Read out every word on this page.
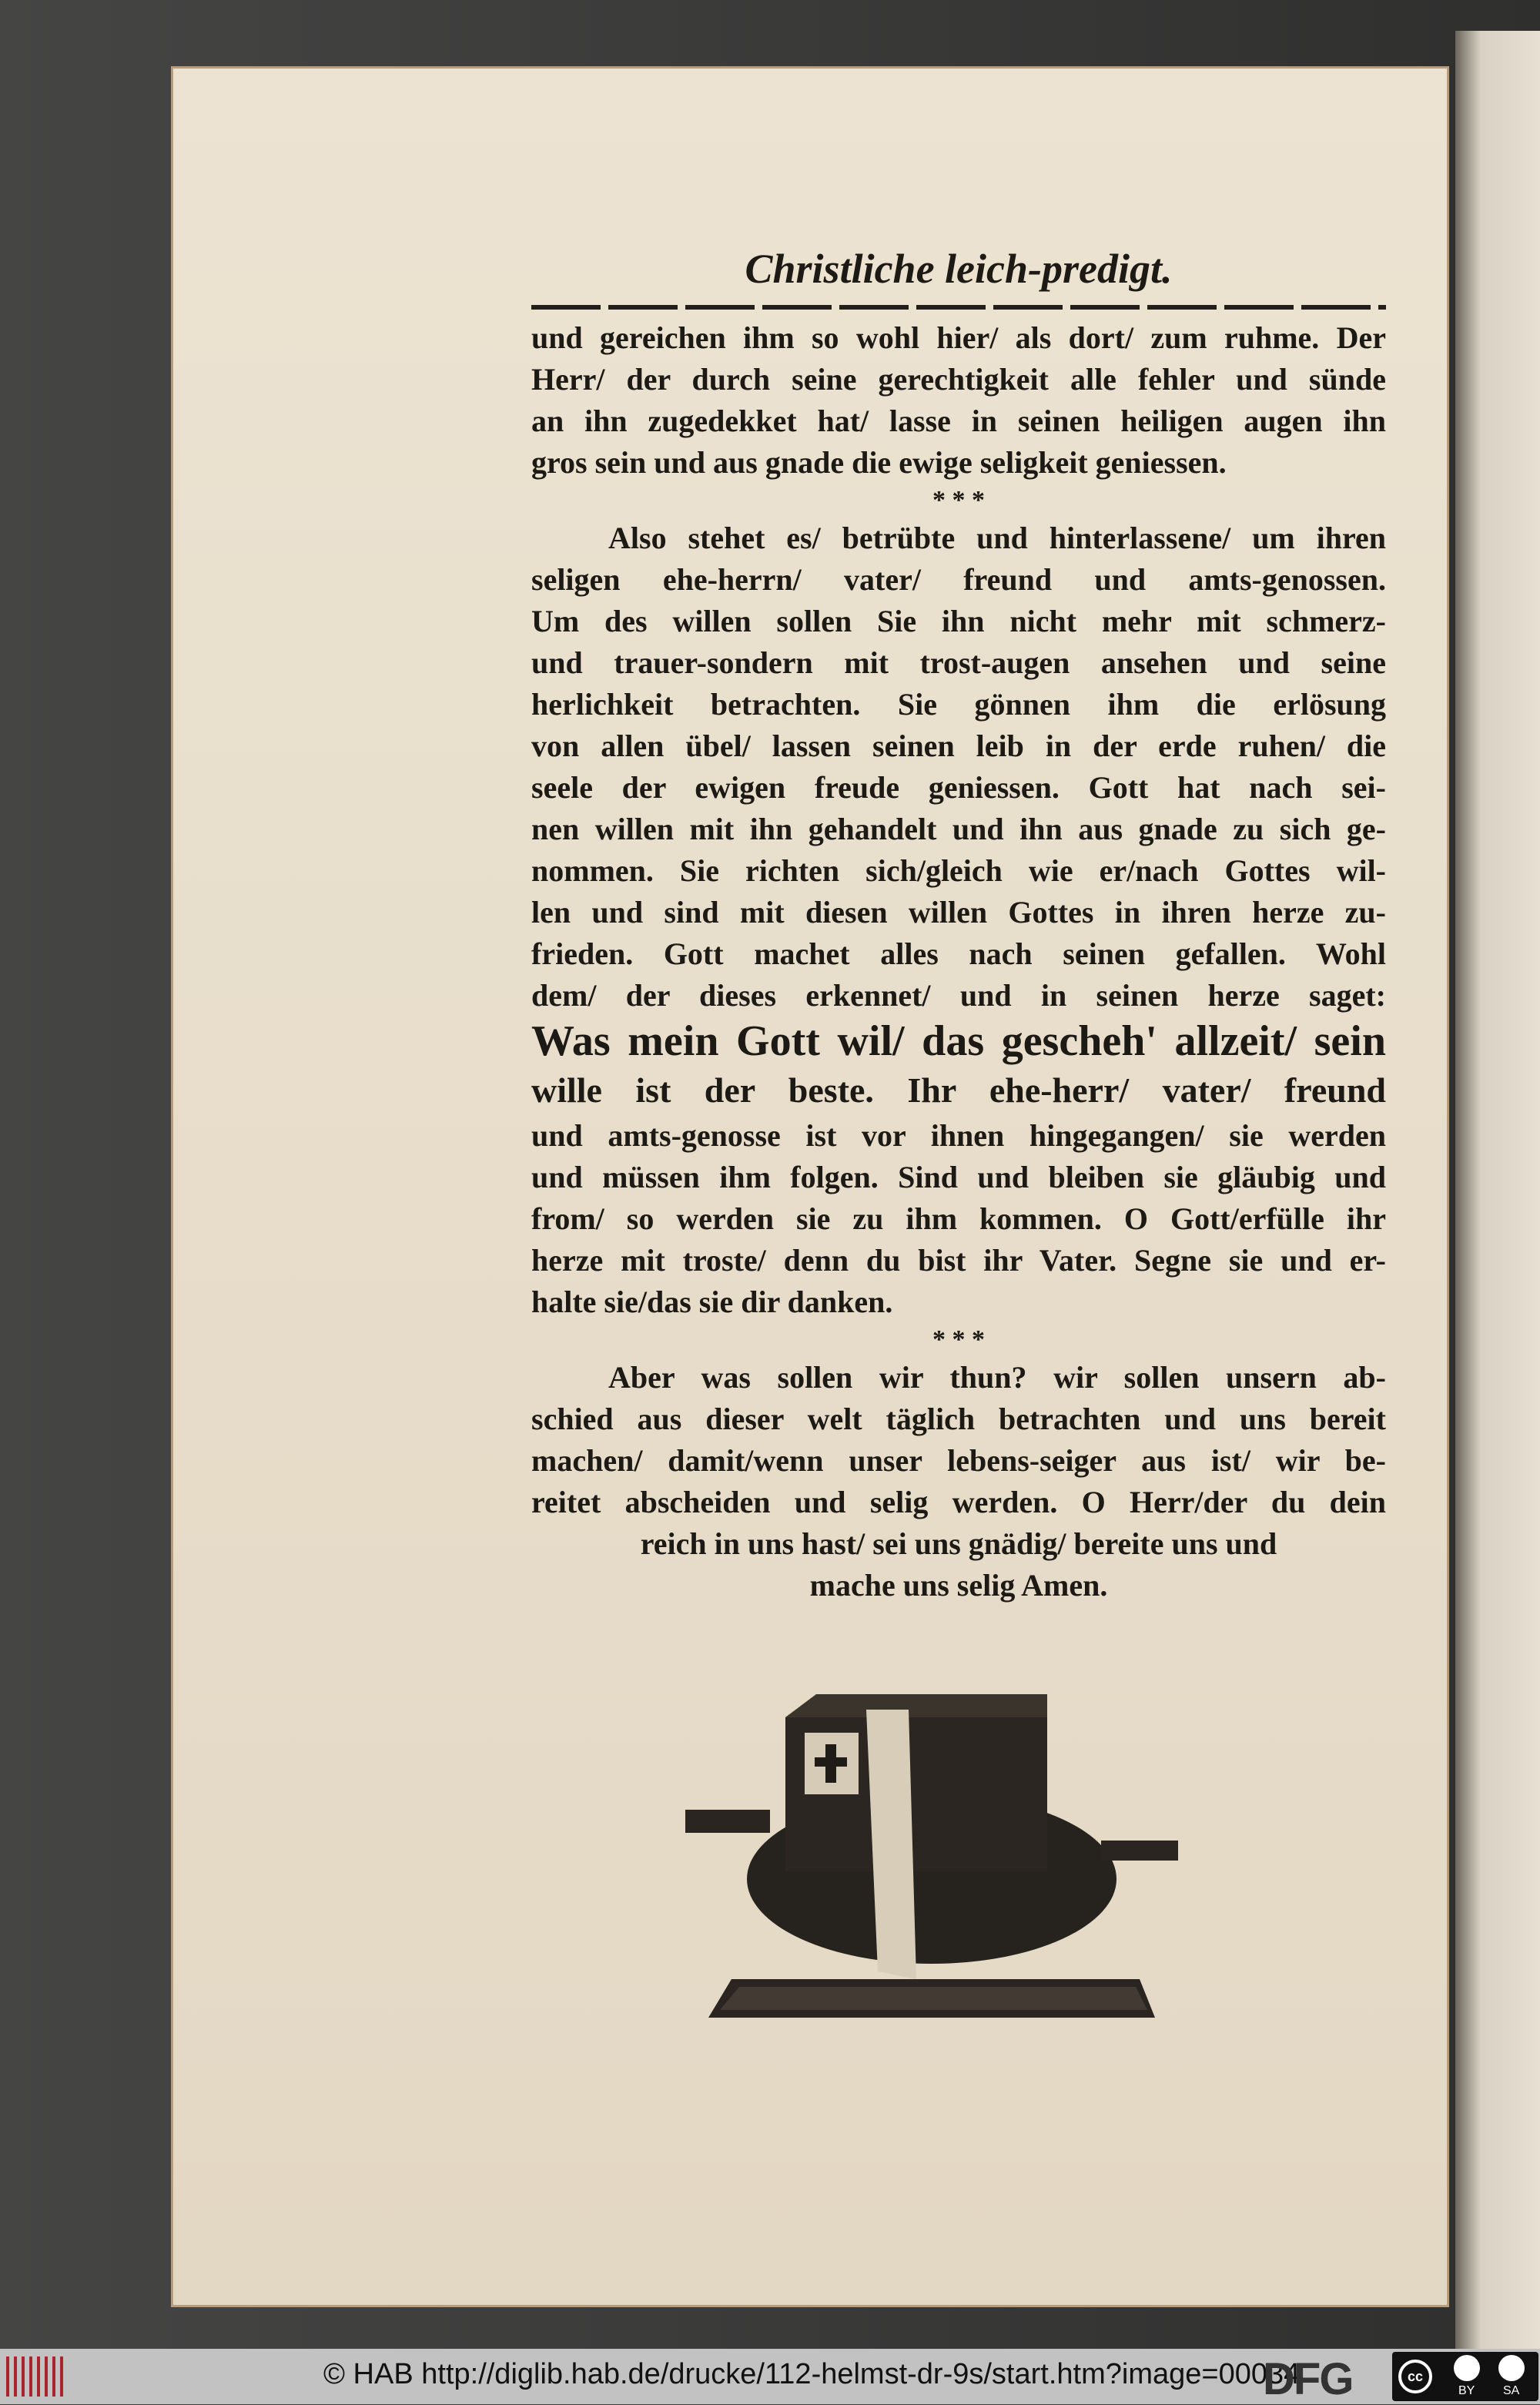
Christliche leich-predigt.
und gereichen ihm so wohl hier/ als dort/ zum ruhme. Der
Herr/ der durch seine gerechtigkeit alle fehler und sünde
an ihn zugedekket hat/ lasse in seinen heiligen augen ihn
gros sein und aus gnade die ewige seligkeit geniessen.
* * *
Also stehet es/ betrübte und hinterlassene/ um ihren
seligen ehe-herrn/ vater/ freund und amts-genossen.
Um des willen sollen Sie ihn nicht mehr mit schmerz-
und trauer-sondern mit trost-augen ansehen und seine
herlichkeit betrachten. Sie gönnen ihm die erlösung
von allen übel/ lassen seinen leib in der erde ruhen/ die
seele der ewigen freude geniessen. Gott hat nach sei-
nen willen mit ihn gehandelt und ihn aus gnade zu sich ge-
nommen. Sie richten sich/gleich wie er/nach Gottes wil-
len und sind mit diesen willen Gottes in ihren herze zu-
frieden. Gott machet alles nach seinen gefallen. Wohl
dem/ der dieses erkennet/ und in seinen herze saget:
Was mein Gott wil/ das gescheh' allzeit/ sein
wille ist der beste. Ihr ehe-herr/ vater/ freund
und amts-genosse ist vor ihnen hingegangen/ sie werden
und müssen ihm folgen. Sind und bleiben sie gläubig und
from/ so werden sie zu ihm kommen. O Gott/erfülle ihr
herze mit troste/ denn du bist ihr Vater. Segne sie und er-
halte sie/das sie dir danken.
* * *
Aber was sollen wir thun? wir sollen unsern ab-
schied aus dieser welt täglich betrachten und uns bereit
machen/ damit/wenn unser lebens-seiger aus ist/ wir be-
reitet abscheiden und selig werden. O Herr/der du dein
reich in uns hast/ sei uns gnädig/ bereite uns und
mache uns selig Amen.
© HAB http://diglib.hab.de/drucke/112-helmst-dr-9s/start.htm?image=00034
DFG	cc
BY SA
